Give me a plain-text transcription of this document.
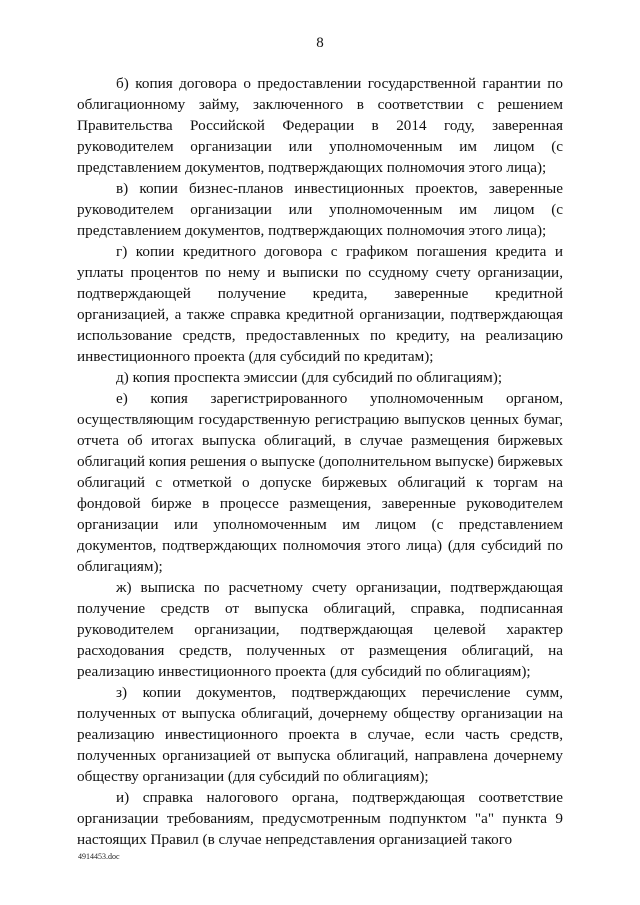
8

б) копия договора о предоставлении государственной гарантии по облигационному займу, заключенного в соответствии с решением Правительства Российской Федерации в 2014 году, заверенная руководителем организации или уполномоченным им лицом (с представлением документов, подтверждающих полномочия этого лица);

в) копии бизнес-планов инвестиционных проектов, заверенные руководителем организации или уполномоченным им лицом (с представлением документов, подтверждающих полномочия этого лица);

г) копии кредитного договора с графиком погашения кредита и уплаты процентов по нему и выписки по ссудному счету организации, подтверждающей получение кредита, заверенные кредитной организацией, а также справка кредитной организации, подтверждающая использование средств, предоставленных по кредиту, на реализацию инвестиционного проекта (для субсидий по кредитам);

д) копия проспекта эмиссии (для субсидий по облигациям);

е) копия зарегистрированного уполномоченным органом, осуществляющим государственную регистрацию выпусков ценных бумаг, отчета об итогах выпуска облигаций, в случае размещения биржевых облигаций копия решения о выпуске (дополнительном выпуске) биржевых облигаций с отметкой о допуске биржевых облигаций к торгам на фондовой бирже в процессе размещения, заверенные руководителем организации или уполномоченным им лицом (с представлением документов, подтверждающих полномочия этого лица) (для субсидий по облигациям);

ж) выписка по расчетному счету организации, подтверждающая получение средств от выпуска облигаций, справка, подписанная руководителем организации, подтверждающая целевой характер расходования средств, полученных от размещения облигаций, на реализацию инвестиционного проекта (для субсидий по облигациям);

з) копии документов, подтверждающих перечисление сумм, полученных от выпуска облигаций, дочернему обществу организации на реализацию инвестиционного проекта в случае, если часть средств, полученных организацией от выпуска облигаций, направлена дочернему обществу организации (для субсидий по облигациям);

и) справка налогового органа, подтверждающая соответствие организации требованиям, предусмотренным подпунктом "а" пункта 9 настоящих Правил (в случае непредставления организацией такого

4914453.doc
